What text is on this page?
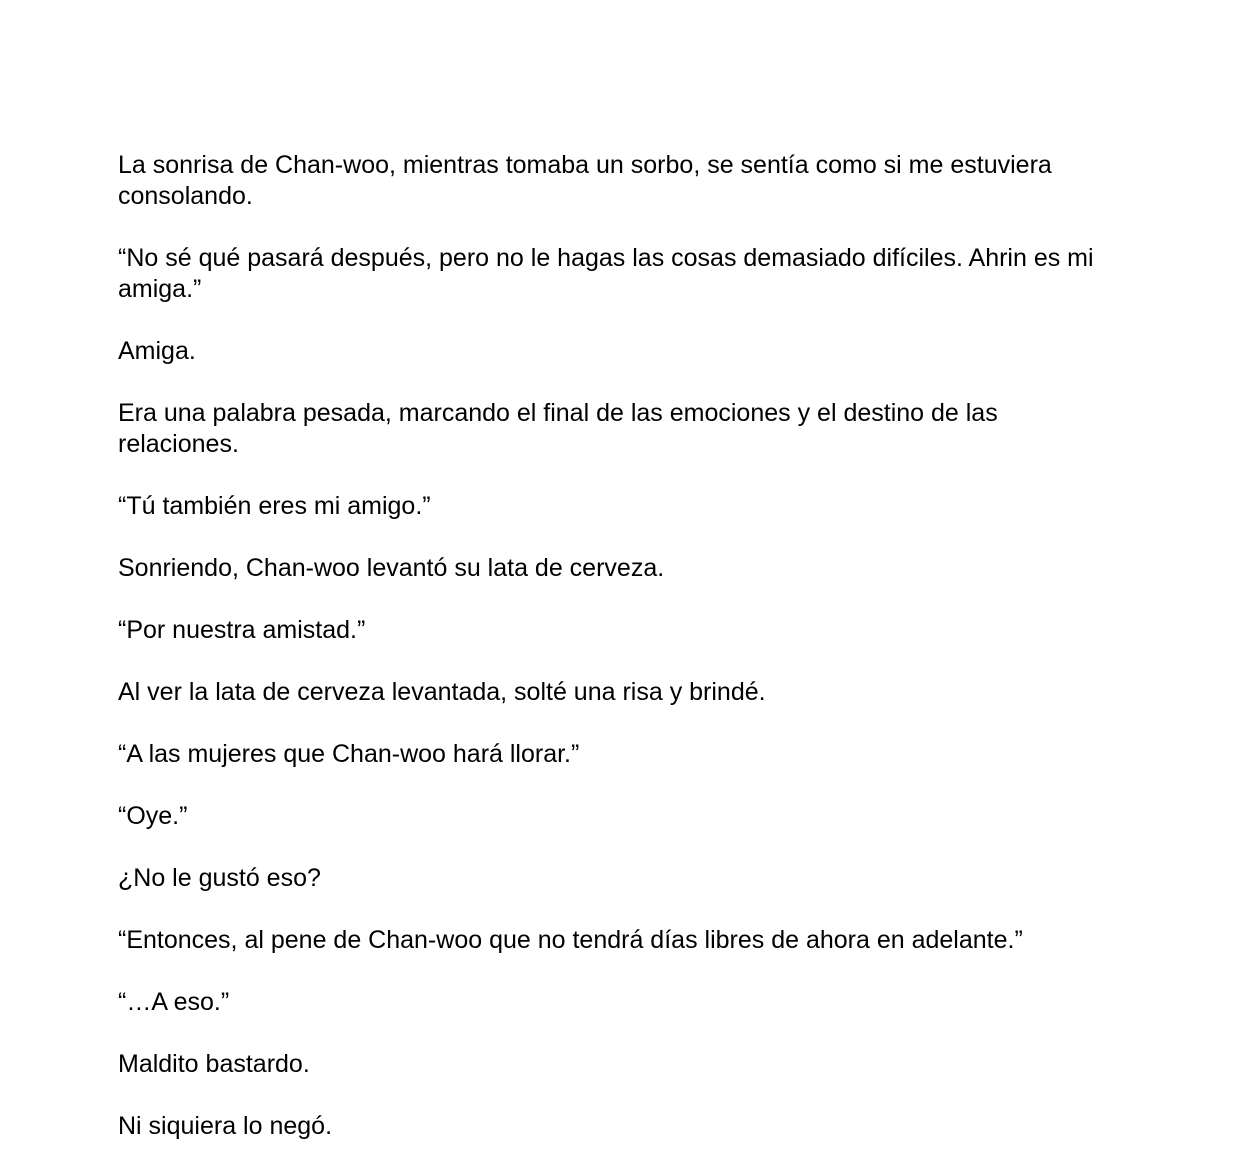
La sonrisa de Chan-woo, mientras tomaba un sorbo, se sentía como si me estuviera consolando.

“No sé qué pasará después, pero no le hagas las cosas demasiado difíciles. Ahrin es mi amiga.”

Amiga.

Era una palabra pesada, marcando el final de las emociones y el destino de las relaciones.

“Tú también eres mi amigo.”

Sonriendo, Chan-woo levantó su lata de cerveza.

“Por nuestra amistad.”

Al ver la lata de cerveza levantada, solté una risa y brindé.

“A las mujeres que Chan-woo hará llorar.”

“Oye.”

¿No le gustó eso?

“Entonces, al pene de Chan-woo que no tendrá días libres de ahora en adelante.”

“…A eso.”

Maldito bastardo.

Ni siquiera lo negó.
